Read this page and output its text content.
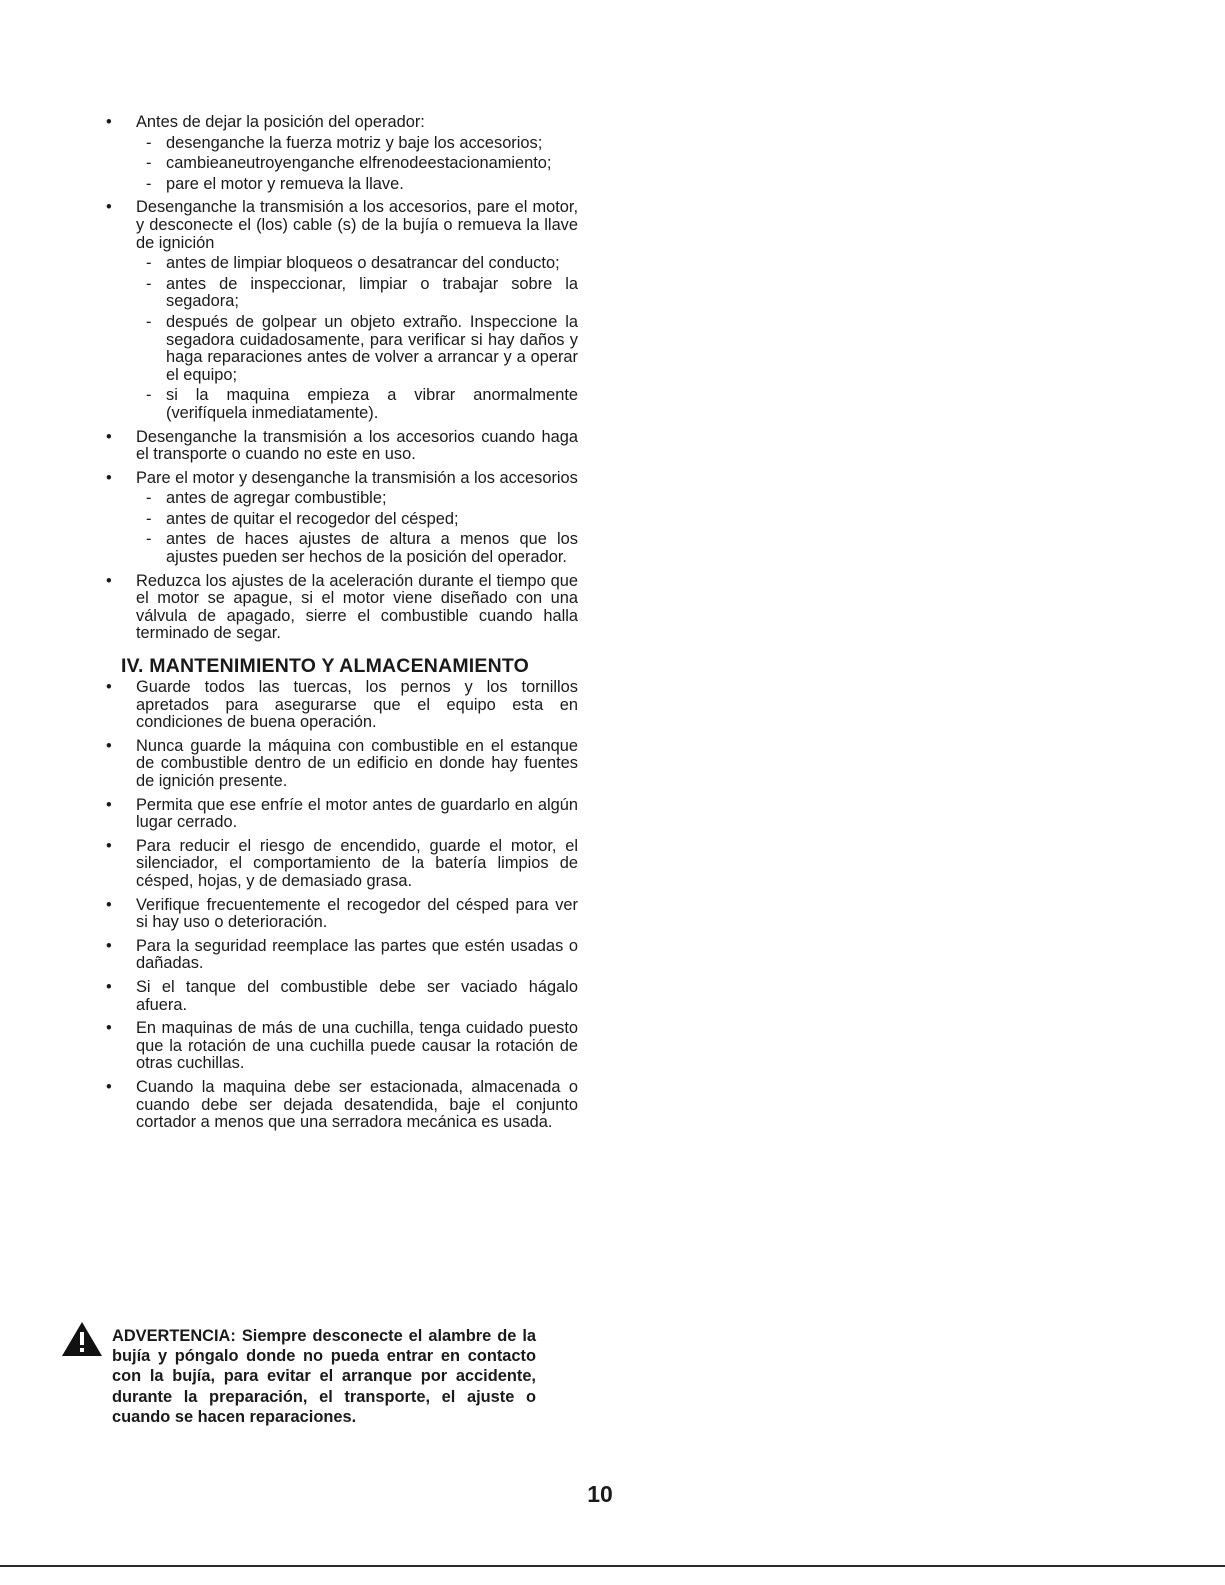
•	Antes de dejar la posición del operador:
- desenganche la fuerza motriz y baje los accesorios;
- cambieaneutroyenganche elfrenodeestacionamiento;
- pare el motor y remueva la llave.
•	Desenganche la transmisión a los accesorios, pare el motor, y desconecte el (los) cable (s) de la bujía o remueva la llave de ignición
- antes de limpiar bloqueos o desatrancar del conducto;
- antes de inspeccionar, limpiar o trabajar sobre la segadora;
- después de golpear un objeto extraño. Inspeccione la segadora cuidadosamente, para verificar si hay daños y haga reparaciones antes de volver a arrancar y a operar el equipo;
- si la maquina empieza a vibrar anormalmente (verifíquela inmediatamente).
•	Desenganche la transmisión a los accesorios cuando haga el transporte o cuando no este en uso.
•	Pare el motor y desenganche la transmisión a los accesorios
- antes de agregar combustible;
- antes de quitar el recogedor del césped;
- antes de haces ajustes de altura a menos que los ajustes pueden ser hechos de la posición del operador.
•	Reduzca los ajustes de la aceleración durante el tiempo que el motor se apague, si el motor viene diseñado con una válvula de apagado, sierre el combustible cuando halla terminado de segar.
IV. MANTENIMIENTO Y ALMACENAMIENTO
•	Guarde todos las tuercas, los pernos y los tornillos apretados para asegurarse que el equipo esta en condiciones de buena operación.
•	Nunca guarde la máquina con combustible en el estanque de combustible dentro de un edificio en donde hay fuentes de ignición presente.
•	Permita que ese enfríe el motor antes de guardarlo en algún lugar cerrado.
•	Para reducir el riesgo de encendido, guarde el motor, el silenciador, el comportamiento de la batería limpios de césped, hojas, y de demasiado grasa.
•	Verifique frecuentemente el recogedor del césped para ver si hay uso o deterioración.
•	Para la seguridad reemplace las partes que estén usadas o dañadas.
•	Si el tanque del combustible debe ser vaciado hágalo afuera.
•	En maquinas de más de una cuchilla, tenga cuidado puesto que la rotación de una cuchilla puede causar la rotación de otras cuchillas.
•	Cuando la maquina debe ser estacionada, almacenada o cuando debe ser dejada desatendida, baje el conjunto cortador a menos que una serradora mecánica es usada.
ADVERTENCIA: Siempre desconecte el alambre de la bujía y póngalo donde no pueda entrar en contacto con la bujía, para evitar el arranque por accidente, durante la preparación, el transporte, el ajuste o cuando se hacen reparaciones.
10
